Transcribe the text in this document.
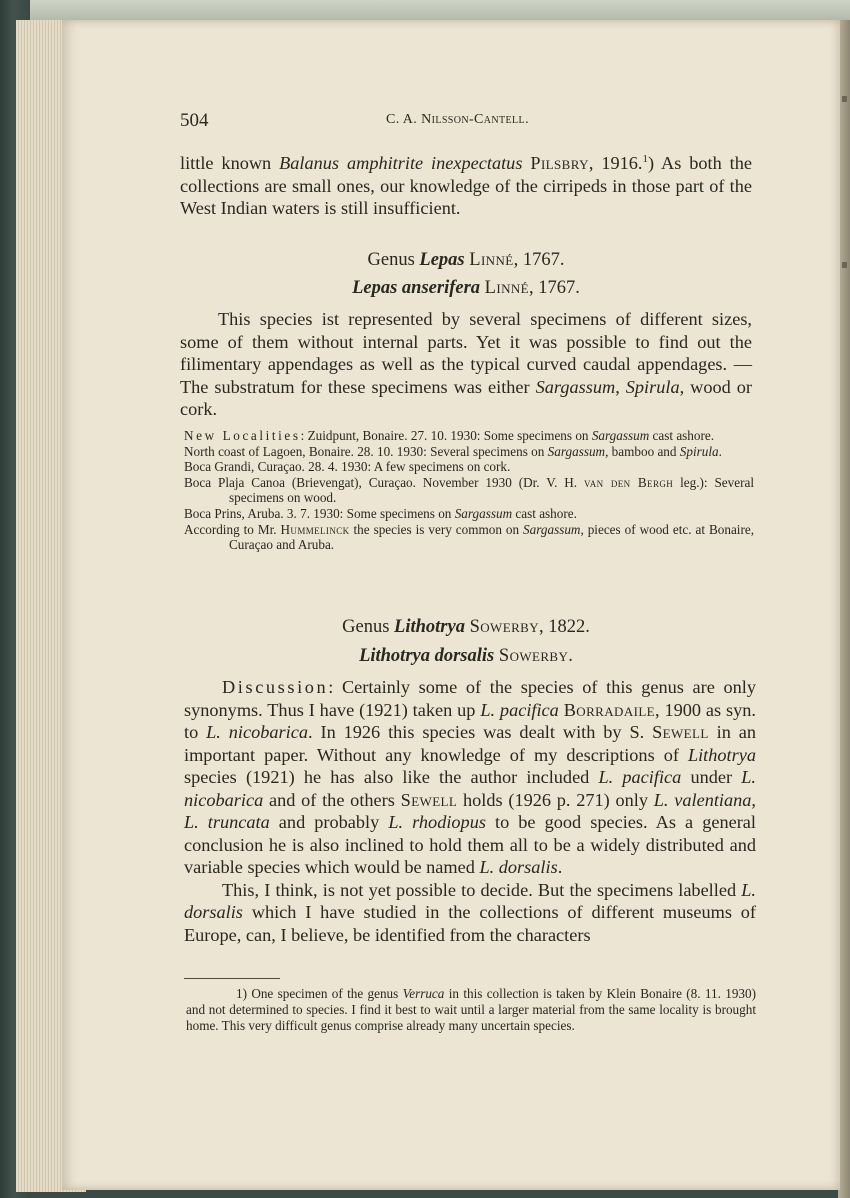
504	C. A. Nilsson-Cantell.

little known Balanus amphitrite inexpectatus Pilsbry, 1916.$^1$) As both the collections are small ones, our knowledge of the cirripeds in those part of the West Indian waters is still insufficient.

Genus Lepas Linné, 1767.
Lepas anserifera Linné, 1767.

This species ist represented by several specimens of different sizes, some of them without internal parts. Yet it was possible to find out the filimentary appendages as well as the typical curved caudal appendages. — The substratum for these specimens was either Sargassum, Spirula, wood or cork.

New Localities: Zuidpunt, Bonaire. 27. 10. 1930: Some specimens on Sargassum cast ashore.
North coast of Lagoen, Bonaire. 28. 10. 1930: Several specimens on Sargassum, bamboo and Spirula.
Boca Grandi, Curaçao. 28. 4. 1930: A few specimens on cork.
Boca Plaja Canoa (Brievengat), Curaçao. November 1930 (Dr. V. H. van den Bergh leg.): Several specimens on wood.
Boca Prins, Aruba. 3. 7. 1930: Some specimens on Sargassum cast ashore.
According to Mr. Hummelinck the species is very common on Sargassum, pieces of wood etc. at Bonaire, Curaçao and Aruba.
Genus Lithotrya Sowerby, 1822.
Lithotrya dorsalis Sowerby.

Discussion: Certainly some of the species of this genus are only synonyms. Thus I have (1921) taken up L. pacifica Borradaile, 1900 as syn. to L. nicobarica. In 1926 this species was dealt with by S. Sewell in an important paper. Without any knowledge of my descriptions of Lithotrya species (1921) he has also like the author included L. pacifica under L. nicobarica and of the others Sewell holds (1926 p. 271) only L. valentiana, L. truncata and probably L. rhodiopus to be good species. As a general conclusion he is also inclined to hold them all to be a widely distributed and variable species which would be named L. dorsalis.

This, I think, is not yet possible to decide. But the specimens labelled L. dorsalis which I have studied in the collections of different museums of Europe, can, I believe, be identified from the characters

1) One specimen of the genus Verruca in this collection is taken by Klein Bonaire (8. 11. 1930) and not determined to species. I find it best to wait until a larger material from the same locality is brought home. This very difficult genus comprise already many uncertain species.
